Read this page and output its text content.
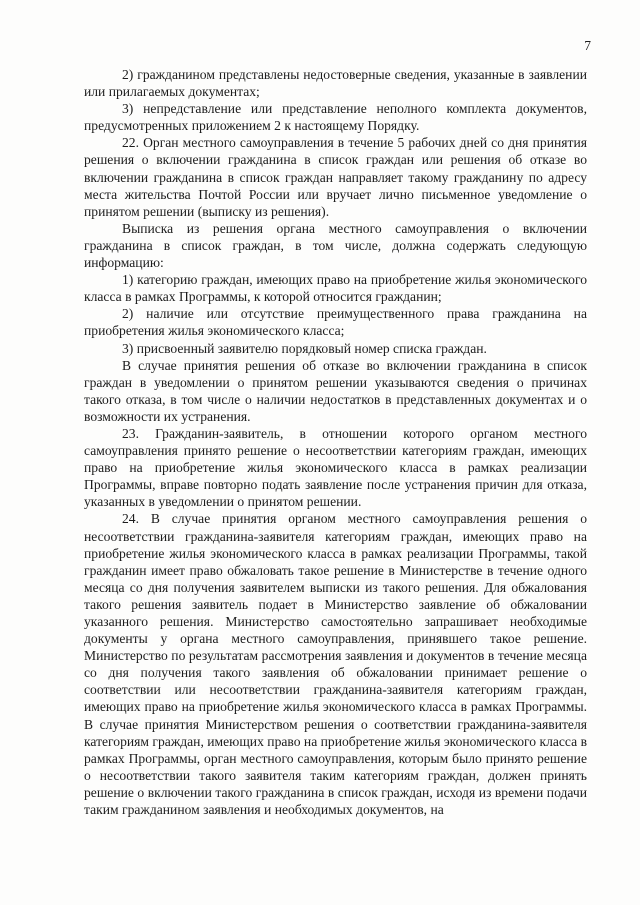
7

2) гражданином представлены недостоверные сведения, указанные в заявлении или прилагаемых документах;

3) непредставление или представление неполного комплекта документов, предусмотренных приложением 2 к настоящему Порядку.

22. Орган местного самоуправления в течение 5 рабочих дней со дня принятия решения о включении гражданина в список граждан или решения об отказе во включении гражданина в список граждан направляет такому гражданину по адресу места жительства Почтой России или вручает лично письменное уведомление о принятом решении (выписку из решения).

Выписка из решения органа местного самоуправления о включении гражданина в список граждан, в том числе, должна содержать следующую информацию:

1) категорию граждан, имеющих право на приобретение жилья экономического класса в рамках Программы, к которой относится гражданин;

2) наличие или отсутствие преимущественного права гражданина на приобретения жилья экономического класса;

3) присвоенный заявителю порядковый номер списка граждан.

В случае принятия решения об отказе во включении гражданина в список граждан в уведомлении о принятом решении указываются сведения о причинах такого отказа, в том числе о наличии недостатков в представленных документах и о возможности их устранения.

23. Гражданин-заявитель, в отношении которого органом местного самоуправления принято решение о несоответствии категориям граждан, имеющих право на приобретение жилья экономического класса в рамках реализации Программы, вправе повторно подать заявление после устранения причин для отказа, указанных в уведомлении о принятом решении.

24. В случае принятия органом местного самоуправления решения о несоответствии гражданина-заявителя категориям граждан, имеющих право на приобретение жилья экономического класса в рамках реализации Программы, такой гражданин имеет право обжаловать такое решение в Министерстве в течение одного месяца со дня получения заявителем выписки из такого решения. Для обжалования такого решения заявитель подает в Министерство заявление об обжаловании указанного решения. Министерство самостоятельно запрашивает необходимые документы у органа местного самоуправления, принявшего такое решение. Министерство по результатам рассмотрения заявления и документов в течение месяца со дня получения такого заявления об обжаловании принимает решение о соответствии или несоответствии гражданина-заявителя категориям граждан, имеющих право на приобретение жилья экономического класса в рамках Программы. В случае принятия Министерством решения о соответствии гражданина-заявителя категориям граждан, имеющих право на приобретение жилья экономического класса в рамках Программы, орган местного самоуправления, которым было принято решение о несоответствии такого заявителя таким категориям граждан, должен принять решение о включении такого гражданина в список граждан, исходя из времени подачи таким гражданином заявления и необходимых документов, на
